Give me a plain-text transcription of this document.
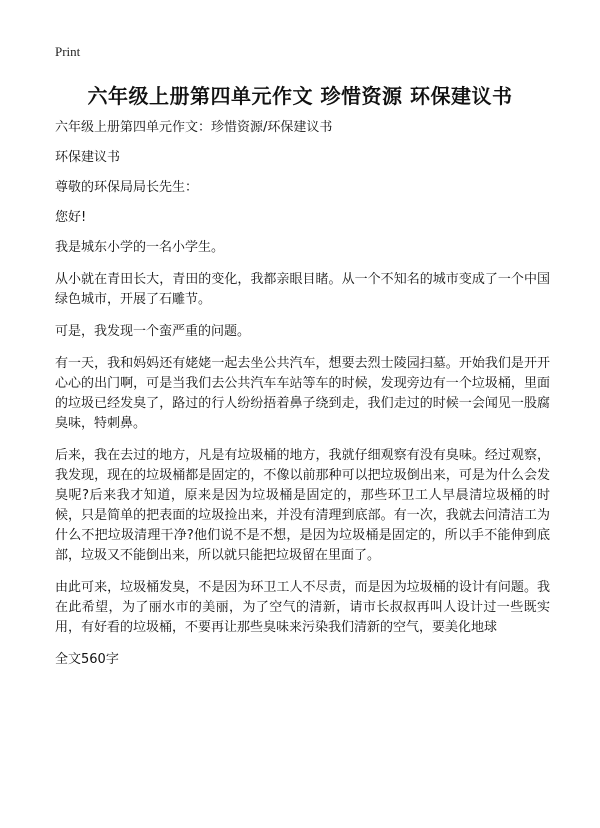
Print
六年级上册第四单元作文 珍惜资源 环保建议书

六年级上册第四单元作文：珍惜资源/环保建议书

环保建议书

尊敬的环保局局长先生：

您好!

我是城东小学的一名小学生。

从小就在青田长大，青田的变化，我都亲眼目睹。从一个不知名的城市变成了一个中国绿色城市，开展了石雕节。

可是，我发现一个蛮严重的问题。

有一天，我和妈妈还有姥姥一起去坐公共汽车，想要去烈士陵园扫墓。开始我们是开开心心的出门啊，可是当我们去公共汽车车站等车的时候，发现旁边有一个垃圾桶，里面的垃圾已经发臭了，路过的行人纷纷捂着鼻子绕到走，我们走过的时候一会闻见一股腐臭味，特刺鼻。

后来，我在去过的地方，凡是有垃圾桶的地方，我就仔细观察有没有臭味。经过观察，我发现，现在的垃圾桶都是固定的，不像以前那种可以把垃圾倒出来，可是为什么会发臭呢?后来我才知道，原来是因为垃圾桶是固定的，那些环卫工人早晨清垃圾桶的时候，只是简单的把表面的垃圾捡出来，并没有清理到底部。有一次，我就去问清洁工为什么不把垃圾清理干净?他们说不是不想，是因为垃圾桶是固定的，所以手不能伸到底部，垃圾又不能倒出来，所以就只能把垃圾留在里面了。

由此可来，垃圾桶发臭，不是因为环卫工人不尽责，而是因为垃圾桶的设计有问题。我在此希望，为了丽水市的美丽，为了空气的清新，请市长叔叔再叫人设计过一些既实用，有好看的垃圾桶，不要再让那些臭味来污染我们清新的空气，要美化地球

全文560字
